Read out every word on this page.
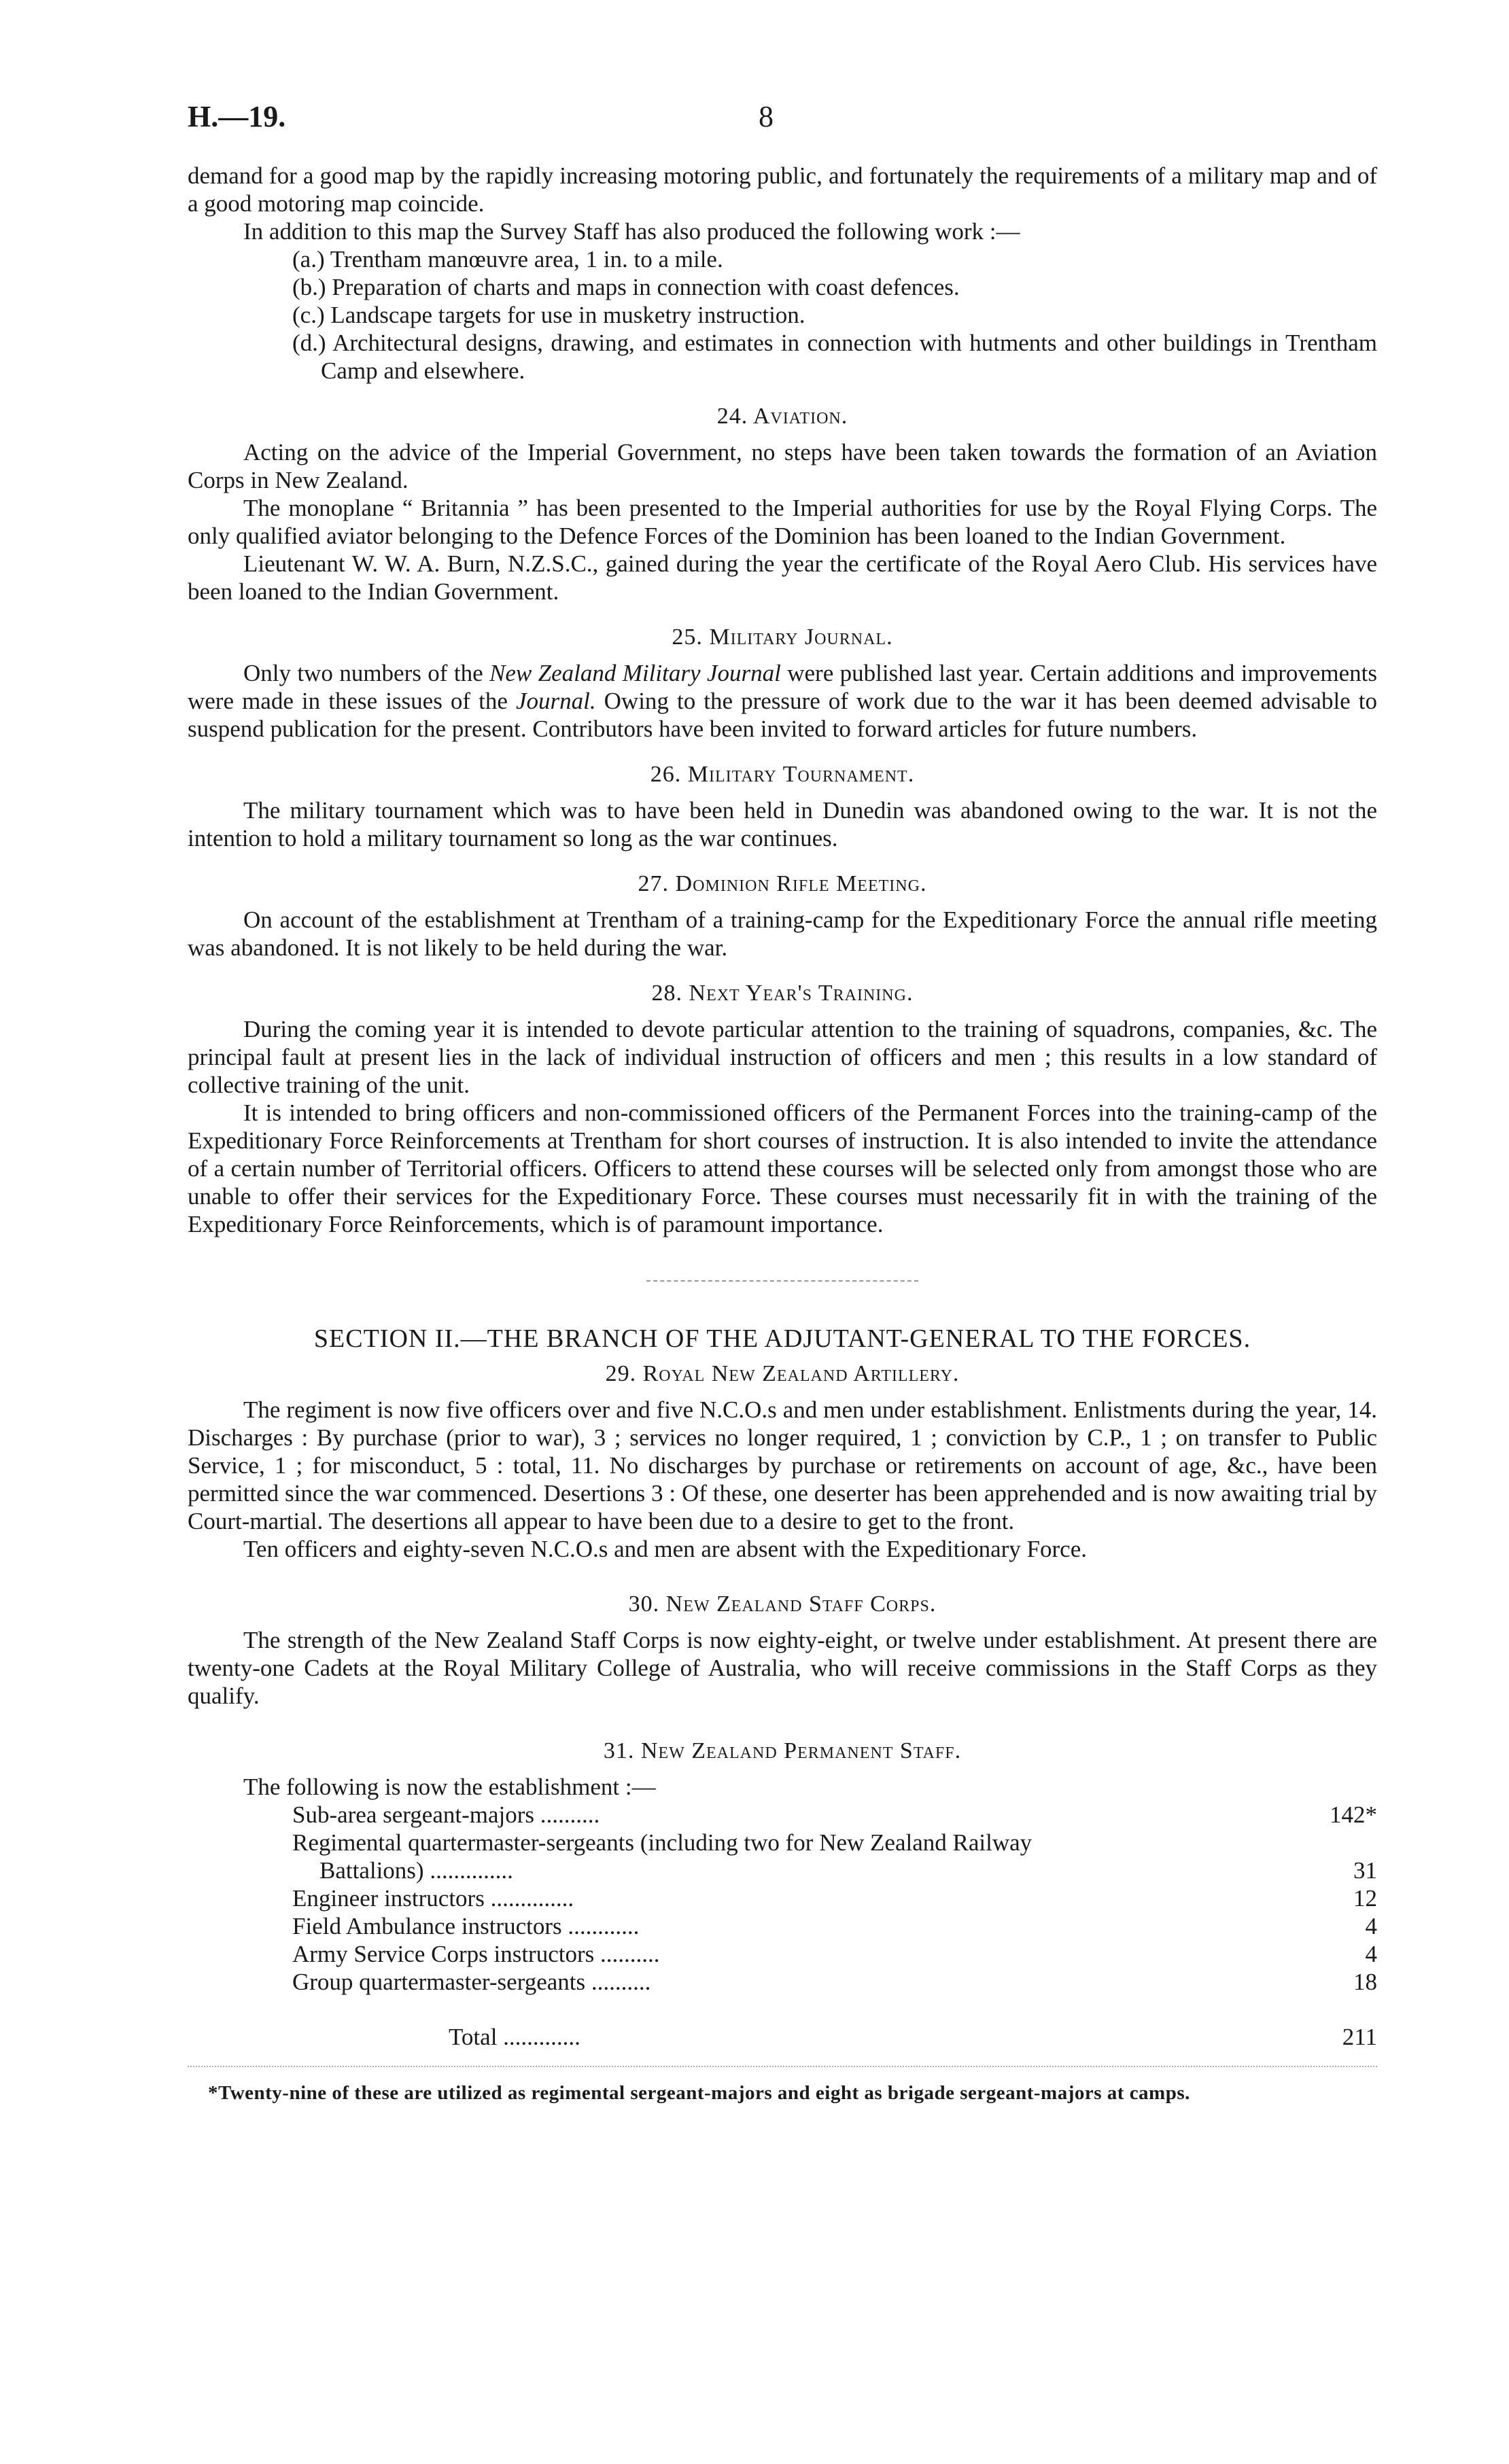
H.—19.	8

demand for a good map by the rapidly increasing motoring public, and fortunately the requirements of a military map and of a good motoring map coincide.

In addition to this map the Survey Staff has also produced the following work :—

(a.) Trentham manœuvre area, 1 in. to a mile.

(b.) Preparation of charts and maps in connection with coast defences.

(c.) Landscape targets for use in musketry instruction.

(d.) Architectural designs, drawing, and estimates in connection with hutments and other buildings in Trentham Camp and elsewhere.

24. Aviation.

Acting on the advice of the Imperial Government, no steps have been taken towards the formation of an Aviation Corps in New Zealand.

The monoplane “ Britannia ” has been presented to the Imperial authorities for use by the Royal Flying Corps. The only qualified aviator belonging to the Defence Forces of the Dominion has been loaned to the Indian Government.

Lieutenant W. W. A. Burn, N.Z.S.C., gained during the year the certificate of the Royal Aero Club. His services have been loaned to the Indian Government.

25. Military Journal.

Only two numbers of the New Zealand Military Journal were published last year. Certain additions and improvements were made in these issues of the Journal. Owing to the pressure of work due to the war it has been deemed advisable to suspend publication for the present. Contributors have been invited to forward articles for future numbers.

26. Military Tournament.

The military tournament which was to have been held in Dunedin was abandoned owing to the war. It is not the intention to hold a military tournament so long as the war continues.

27. Dominion Rifle Meeting.

On account of the establishment at Trentham of a training-camp for the Expeditionary Force the annual rifle meeting was abandoned. It is not likely to be held during the war.

28. Next Year's Training.

During the coming year it is intended to devote particular attention to the training of squadrons, companies, &c. The principal fault at present lies in the lack of individual instruction of officers and men ; this results in a low standard of collective training of the unit.

It is intended to bring officers and non-commissioned officers of the Permanent Forces into the training-camp of the Expeditionary Force Reinforcements at Trentham for short courses of instruction. It is also intended to invite the attendance of a certain number of Territorial officers. Officers to attend these courses will be selected only from amongst those who are unable to offer their services for the Expeditionary Force. These courses must necessarily fit in with the training of the Expeditionary Force Reinforcements, which is of paramount importance.

SECTION II.—THE BRANCH OF THE ADJUTANT-GENERAL TO THE FORCES.
29. Royal New Zealand Artillery.

The regiment is now five officers over and five N.C.O.s and men under establishment. Enlistments during the year, 14. Discharges : By purchase (prior to war), 3 ; services no longer required, 1 ; conviction by C.P., 1 ; on transfer to Public Service, 1 ; for misconduct, 5 : total, 11. No discharges by purchase or retirements on account of age, &c., have been permitted since the war commenced. Desertions 3 : Of these, one deserter has been apprehended and is now awaiting trial by Court-martial. The desertions all appear to have been due to a desire to get to the front.

Ten officers and eighty-seven N.C.O.s and men are absent with the Expeditionary Force.

30. New Zealand Staff Corps.

The strength of the New Zealand Staff Corps is now eighty-eight, or twelve under establishment. At present there are twenty-one Cadets at the Royal Military College of Australia, who will receive commissions in the Staff Corps as they qualify.

31. New Zealand Permanent Staff.

The following is now the establishment :—

Sub-area sergeant-majors ..........	142*
Regimental quartermaster-sergeants (including two for New Zealand Railway	
Battalions) ..............	31
Engineer instructors ..............	12
Field Ambulance instructors ............	4
Army Service Corps instructors ..........	4
Group quartermaster-sergeants ..........	18
Total .............	211

*Twenty-nine of these are utilized as regimental sergeant-majors and eight as brigade sergeant-majors at camps.
